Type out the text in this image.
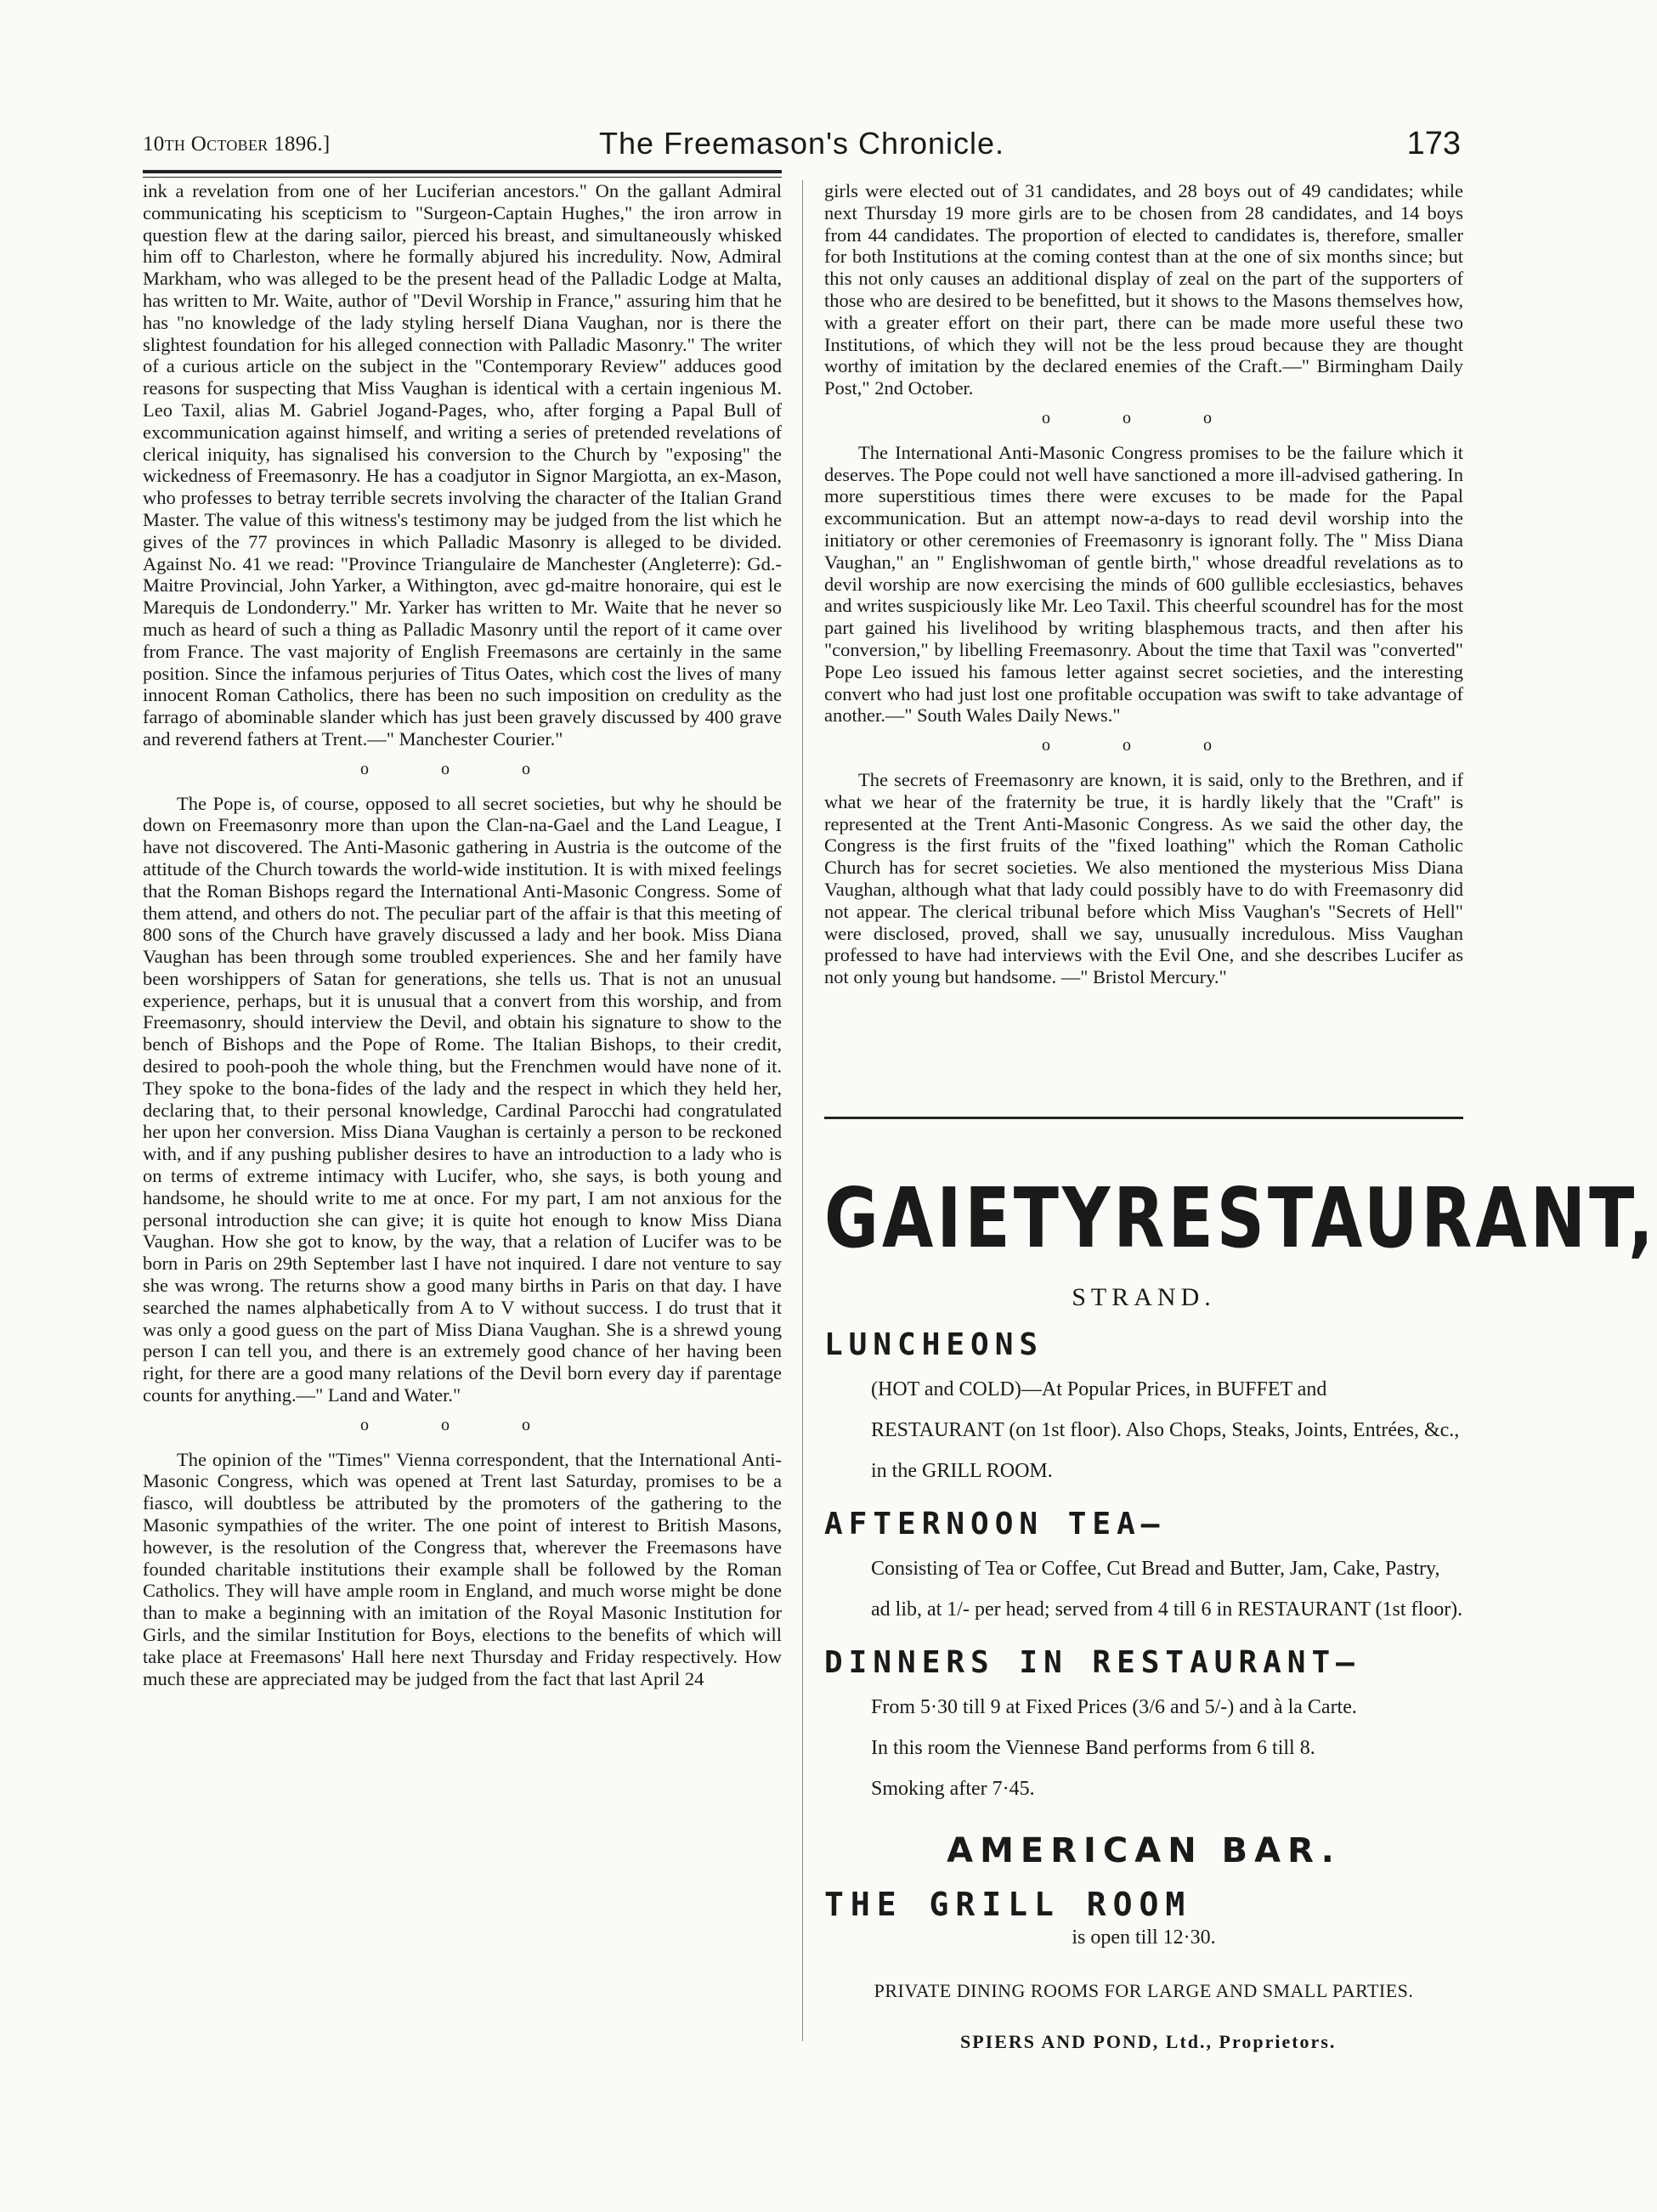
10th October 1896.]	The Freemason's Chronicle.	173

ink a revelation from one of her Luciferian ancestors." On the gallant Admiral communicating his scepticism to "Surgeon-Captain Hughes," the iron arrow in question flew at the daring sailor, pierced his breast, and simultaneously whisked him off to Charleston, where he formally abjured his incredulity. Now, Admiral Markham, who was alleged to be the present head of the Palladic Lodge at Malta, has written to Mr. Waite, author of "Devil Worship in France," assuring him that he has "no knowledge of the lady styling herself Diana Vaughan, nor is there the slightest foundation for his alleged connection with Palladic Masonry." The writer of a curious article on the subject in the "Contemporary Review" adduces good reasons for suspecting that Miss Vaughan is identical with a certain ingenious M. Leo Taxil, alias M. Gabriel Jogand-Pages, who, after forging a Papal Bull of excommunication against himself, and writing a series of pretended revelations of clerical iniquity, has signalised his conversion to the Church by "exposing" the wickedness of Freemasonry. He has a coadjutor in Signor Margiotta, an ex-Mason, who professes to betray terrible secrets involving the character of the Italian Grand Master. The value of this witness's testimony may be judged from the list which he gives of the 77 provinces in which Palladic Masonry is alleged to be divided. Against No. 41 we read: "Province Triangulaire de Manchester (Angleterre): Gd.-Maitre Provincial, John Yarker, a Withington, avec gd-maitre honoraire, qui est le Marequis de Londonderry." Mr. Yarker has written to Mr. Waite that he never so much as heard of such a thing as Palladic Masonry until the report of it came over from France. The vast majority of English Freemasons are certainly in the same position. Since the infamous perjuries of Titus Oates, which cost the lives of many innocent Roman Catholics, there has been no such imposition on credulity as the farrago of abominable slander which has just been gravely discussed by 400 grave and reverend fathers at Trent.—" Manchester Courier."

o o o

The Pope is, of course, opposed to all secret societies, but why he should be down on Freemasonry more than upon the Clan-na-Gael and the Land League, I have not discovered. The Anti-Masonic gathering in Austria is the outcome of the attitude of the Church towards the world-wide institution. It is with mixed feelings that the Roman Bishops regard the International Anti-Masonic Congress. Some of them attend, and others do not. The peculiar part of the affair is that this meeting of 800 sons of the Church have gravely discussed a lady and her book. Miss Diana Vaughan has been through some troubled experiences. She and her family have been worshippers of Satan for generations, she tells us. That is not an unusual experience, perhaps, but it is unusual that a convert from this worship, and from Freemasonry, should interview the Devil, and obtain his signature to show to the bench of Bishops and the Pope of Rome. The Italian Bishops, to their credit, desired to pooh-pooh the whole thing, but the Frenchmen would have none of it. They spoke to the bona-fides of the lady and the respect in which they held her, declaring that, to their personal knowledge, Cardinal Parocchi had congratulated her upon her conversion. Miss Diana Vaughan is certainly a person to be reckoned with, and if any pushing publisher desires to have an introduction to a lady who is on terms of extreme intimacy with Lucifer, who, she says, is both young and handsome, he should write to me at once. For my part, I am not anxious for the personal introduction she can give; it is quite hot enough to know Miss Diana Vaughan. How she got to know, by the way, that a relation of Lucifer was to be born in Paris on 29th September last I have not inquired. I dare not venture to say she was wrong. The returns show a good many births in Paris on that day. I have searched the names alphabetically from A to V without success. I do trust that it was only a good guess on the part of Miss Diana Vaughan. She is a shrewd young person I can tell you, and there is an extremely good chance of her having been right, for there are a good many relations of the Devil born every day if parentage counts for anything.—" Land and Water."

o o o

The opinion of the "Times" Vienna correspondent, that the International Anti-Masonic Congress, which was opened at Trent last Saturday, promises to be a fiasco, will doubtless be attributed by the promoters of the gathering to the Masonic sympathies of the writer. The one point of interest to British Masons, however, is the resolution of the Congress that, wherever the Freemasons have founded charitable institutions their example shall be followed by the Roman Catholics. They will have ample room in England, and much worse might be done than to make a beginning with an imitation of the Royal Masonic Institution for Girls, and the similar Institution for Boys, elections to the benefits of which will take place at Freemasons' Hall here next Thursday and Friday respectively. How much these are appreciated may be judged from the fact that last April 24

girls were elected out of 31 candidates, and 28 boys out of 49 candidates; while next Thursday 19 more girls are to be chosen from 28 candidates, and 14 boys from 44 candidates. The proportion of elected to candidates is, therefore, smaller for both Institutions at the coming contest than at the one of six months since; but this not only causes an additional display of zeal on the part of the supporters of those who are desired to be benefitted, but it shows to the Masons themselves how, with a greater effort on their part, there can be made more useful these two Institutions, of which they will not be the less proud because they are thought worthy of imitation by the declared enemies of the Craft.—" Birmingham Daily Post," 2nd October.

o o o

The International Anti-Masonic Congress promises to be the failure which it deserves. The Pope could not well have sanctioned a more ill-advised gathering. In more superstitious times there were excuses to be made for the Papal excommunication. But an attempt now-a-days to read devil worship into the initiatory or other ceremonies of Freemasonry is ignorant folly. The " Miss Diana Vaughan," an " Englishwoman of gentle birth," whose dreadful revelations as to devil worship are now exercising the minds of 600 gullible ecclesiastics, behaves and writes suspiciously like Mr. Leo Taxil. This cheerful scoundrel has for the most part gained his livelihood by writing blasphemous tracts, and then after his "conversion," by libelling Freemasonry. About the time that Taxil was "converted" Pope Leo issued his famous letter against secret societies, and the interesting convert who had just lost one profitable occupation was swift to take advantage of another.—" South Wales Daily News."

o o o

The secrets of Freemasonry are known, it is said, only to the Brethren, and if what we hear of the fraternity be true, it is hardly likely that the "Craft" is represented at the Trent Anti-Masonic Congress. As we said the other day, the Congress is the first fruits of the "fixed loathing" which the Roman Catholic Church has for secret societies. We also mentioned the mysterious Miss Diana Vaughan, although what that lady could possibly have to do with Freemasonry did not appear. The clerical tribunal before which Miss Vaughan's "Secrets of Hell" were disclosed, proved, shall we say, unusually incredulous. Miss Vaughan professed to have had interviews with the Evil One, and she describes Lucifer as not only young but handsome. —" Bristol Mercury."

GAIETY RESTAURANT,
STRAND.
LUNCHEONS
(HOT and COLD)—At Popular Prices, in BUFFET and RESTAURANT (on 1st floor). Also Chops, Steaks, Joints, Entrées, &c., in the GRILL ROOM.
AFTERNOON TEA—
Consisting of Tea or Coffee, Cut Bread and Butter, Jam, Cake, Pastry, ad lib, at 1/- per head; served from 4 till 6 in RESTAURANT (1st floor).
DINNERS IN RESTAURANT—
From 5·30 till 9 at Fixed Prices (3/6 and 5/-) and à la Carte.
In this room the Viennese Band performs from 6 till 8.
Smoking after 7·45.
AMERICAN BAR.
THE GRILL ROOM
is open till 12·30.
PRIVATE DINING ROOMS FOR LARGE AND SMALL PARTIES.
SPIERS AND POND, Ltd., Proprietors.
